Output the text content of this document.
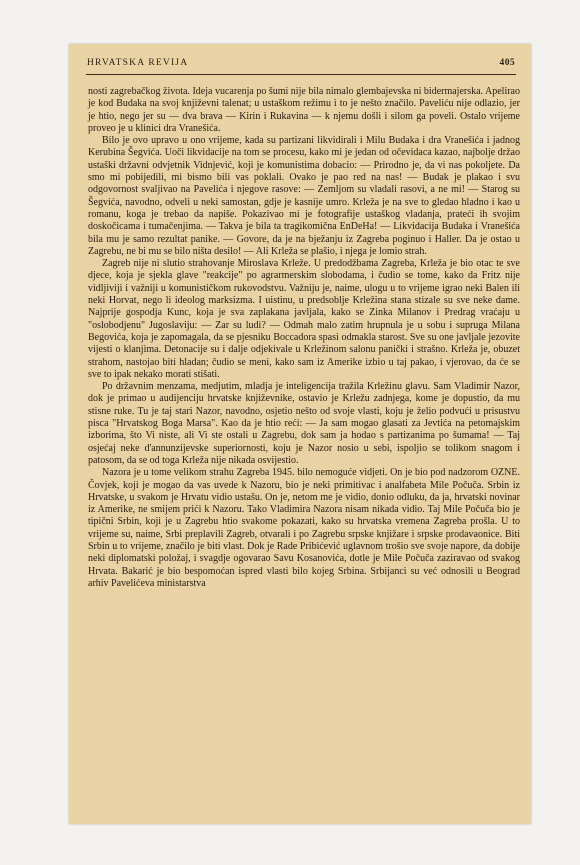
HRVATSKA REVIJA	405

nosti zagrebačkog života. Ideja vucarenja po šumi nije bila nimalo glembajevska ni bidermajerska. Apelirao je kod Budaka na svoj književni talenat; u ustaškom režimu i to je nešto značilo. Paveliću nije odlazio, jer je htio, nego jer su — dva brava — Kirin i Rukavina — k njemu došli i silom ga poveli. Ostalo vrijeme proveo je u klinici dra Vranešića.

Bilo je ovo upravo u ono vrijeme, kada su partizani likvidirali i Milu Budaka i dra Vranešića i jadnog Kerubina Šegvića. Uoči likvidacije na tom se procesu, kako mi je jedan od očevidaca kazao, najbolje držao ustaški državni odvjetnik Vidnjević, koji je komunistima dobacio: — Prirodno je, da vi nas pokoljete. Da smo mi pobijedili, mi bismo bili vas poklali. Ovako je pao red na nas! — Budak je plakao i svu odgovornost svaljivao na Pavelića i njegove rasove: — Zemljom su vladali rasovi, a ne mi! — Starog su Šegvića, navodno, odveli u neki samostan, gdje je kasnije umro. Krleža je na sve to gledao hladno i kao u romanu, koga je trebao da napiše. Pokazivao mi je fotografije ustaškog vladanja, prateći ih svojim doskočicama i tumačenjima. — Takva je bila ta tragikomična EnDeHa! — Likvidacija Budaka i Vranešića bila mu je samo rezultat panike. — Govore, da je na bježanju iz Zagreba poginuo i Haller. Da je ostao u Zagrebu, ne bi mu se bilo ništa desilo! — Ali Krleža se plašio, i njega je lomio strah.

Zagreb nije ni slutio strahovanje Miroslava Krleže. U predodžbama Zagreba, Krleža je bio otac te sve djece, koja je sjekla glave "reakcije" po agrarmerskim slobodama, i čudio se tome, kako da Fritz nije vidljiviji i važniji u komunističkom rukovodstvu. Važniju je, naime, ulogu u to vrijeme igrao neki Balen ili neki Horvat, nego li ideolog marksizma. I uistinu, u predsoblje Krležina stana stizale su sve neke dame. Najprije gospodja Kunc, koja je sva zaplakana javljala, kako se Zinka Milanov i Predrag vraćaju u "oslobodjenu" Jugoslaviju: — Zar su ludi? — Odmah malo zatim hrupnula je u sobu i supruga Milana Begovića, koja je zapomagala, da se pjesniku Boccadora spasi odmakla starost. Sve su one javljale jezovite vijesti o klanjima. Detonacije su i dalje odjekivale u Krležinom salonu panički i strašno. Krleža je, obuzet strahom, nastojao biti hladan; čudio se meni, kako sam iz Amerike izbio u taj pakao, i vjerovao, da će se sve to ipak nekako morati stišati.

Po državnim menzama, medjutim, mladja je inteligencija tražila Krležinu glavu. Sam Vladimir Nazor, dok je primao u audijenciju hrvatske književnike, ostavio je Krležu zadnjega, kome je dopustio, da mu stisne ruke. Tu je taj stari Nazor, navodno, osjetio nešto od svoje vlasti, koju je želio podvući u prisustvu pisca "Hrvatskog Boga Marsa". Kao da je htio reći: — Ja sam mogao glasati za Jevtića na petomajskim izborima, što Vi niste, ali Vi ste ostali u Zagrebu, dok sam ja hodao s partizanima po šumama! — Taj osjećaj neke d'annunzijevske superiornosti, koju je Nazor nosio u sebi, ispoljio se tolikom snagom i patosom, da se od toga Krleža nije nikada osvijestio.

Nazora je u tome velikom strahu Zagreba 1945. bilo nemoguće vidjeti. On je bio pod nadzorom OZNE. Čovjek, koji je mogao da vas uvede k Nazoru, bio je neki primitivac i analfabeta Mile Počuča. Srbin iz Hrvatske, u svakom je Hrvatu vidio ustašu. On je, netom me je vidio, donio odluku, da ja, hrvatski novinar iz Amerike, ne smijem prići k Nazoru. Tako Vladimira Nazora nisam nikada vidio. Taj Mile Počuča bio je tipični Srbin, koji je u Zagrebu htio svakome pokazati, kako su hrvatska vremena Zagreba prošla. U to vrijeme su, naime, Srbi preplavili Zagreb, otvarali i po Zagrebu srpske knjižare i srpske prodavaonice. Biti Srbin u to vrijeme, značilo je biti vlast. Dok je Rade Pribićević uglavnom trošio sve svoje napore, da dobije neki diplomatski položaj, i svagdje ogovarao Savu Kosanovića, dotle je Mile Počuča zaziravao od svakog Hrvata. Bakarić je bio bespomoćan ispred vlasti bilo kojeg Srbina. Srbijanci su već odnosili u Beograd arhiv Pavelićeva ministarstva
